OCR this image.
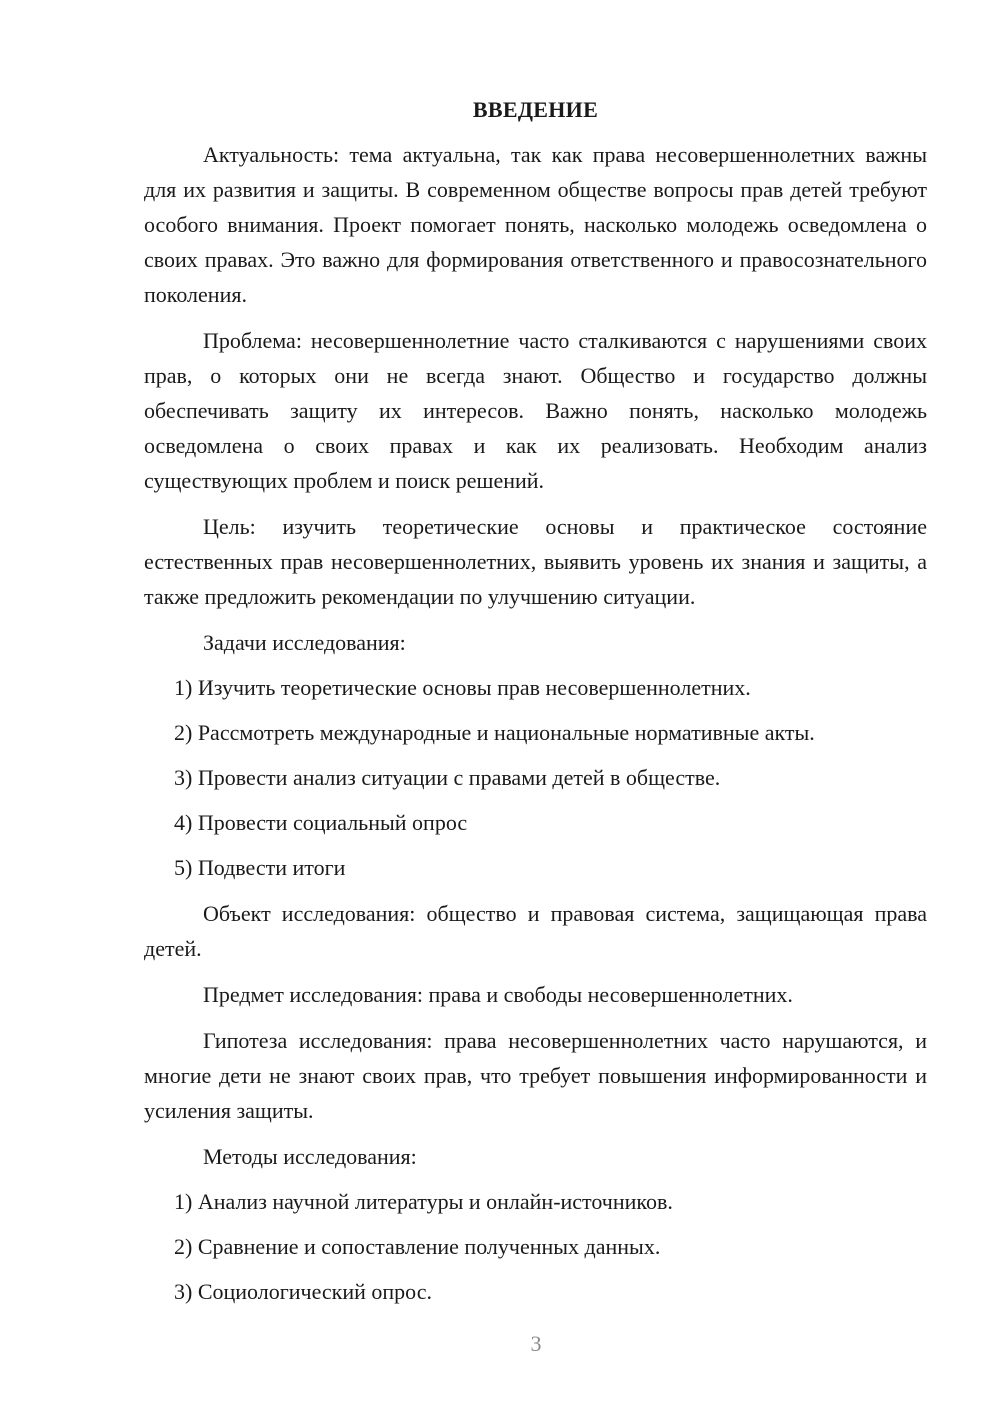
ВВЕДЕНИЕ

Актуальность: тема актуальна, так как права несовершеннолетних важны для их развития и защиты. В современном обществе вопросы прав детей требуют особого внимания. Проект помогает понять, насколько молодежь осведомлена о своих правах. Это важно для формирования ответственного и правосознательного поколения.

Проблема: несовершеннолетние часто сталкиваются с нарушениями своих прав, о которых они не всегда знают. Общество и государство должны обеспечивать защиту их интересов. Важно понять, насколько молодежь осведомлена о своих правах и как их реализовать. Необходим анализ существующих проблем и поиск решений.

Цель: изучить теоретические основы и практическое состояние естественных прав несовершеннолетних, выявить уровень их знания и защиты, а также предложить рекомендации по улучшению ситуации.

Задачи исследования:

1) Изучить теоретические основы прав несовершеннолетних.

2) Рассмотреть международные и национальные нормативные акты.

3) Провести анализ ситуации с правами детей в обществе.

4) Провести социальный опрос

5) Подвести итоги

Объект исследования: общество и правовая система, защищающая права детей.

Предмет исследования: права и свободы несовершеннолетних.

Гипотеза исследования: права несовершеннолетних часто нарушаются, и многие дети не знают своих прав, что требует повышения информированности и усиления защиты.

Методы исследования:

1) Анализ научной литературы и онлайн-источников.

2) Сравнение и сопоставление полученных данных.

3) Социологический опрос.

3
